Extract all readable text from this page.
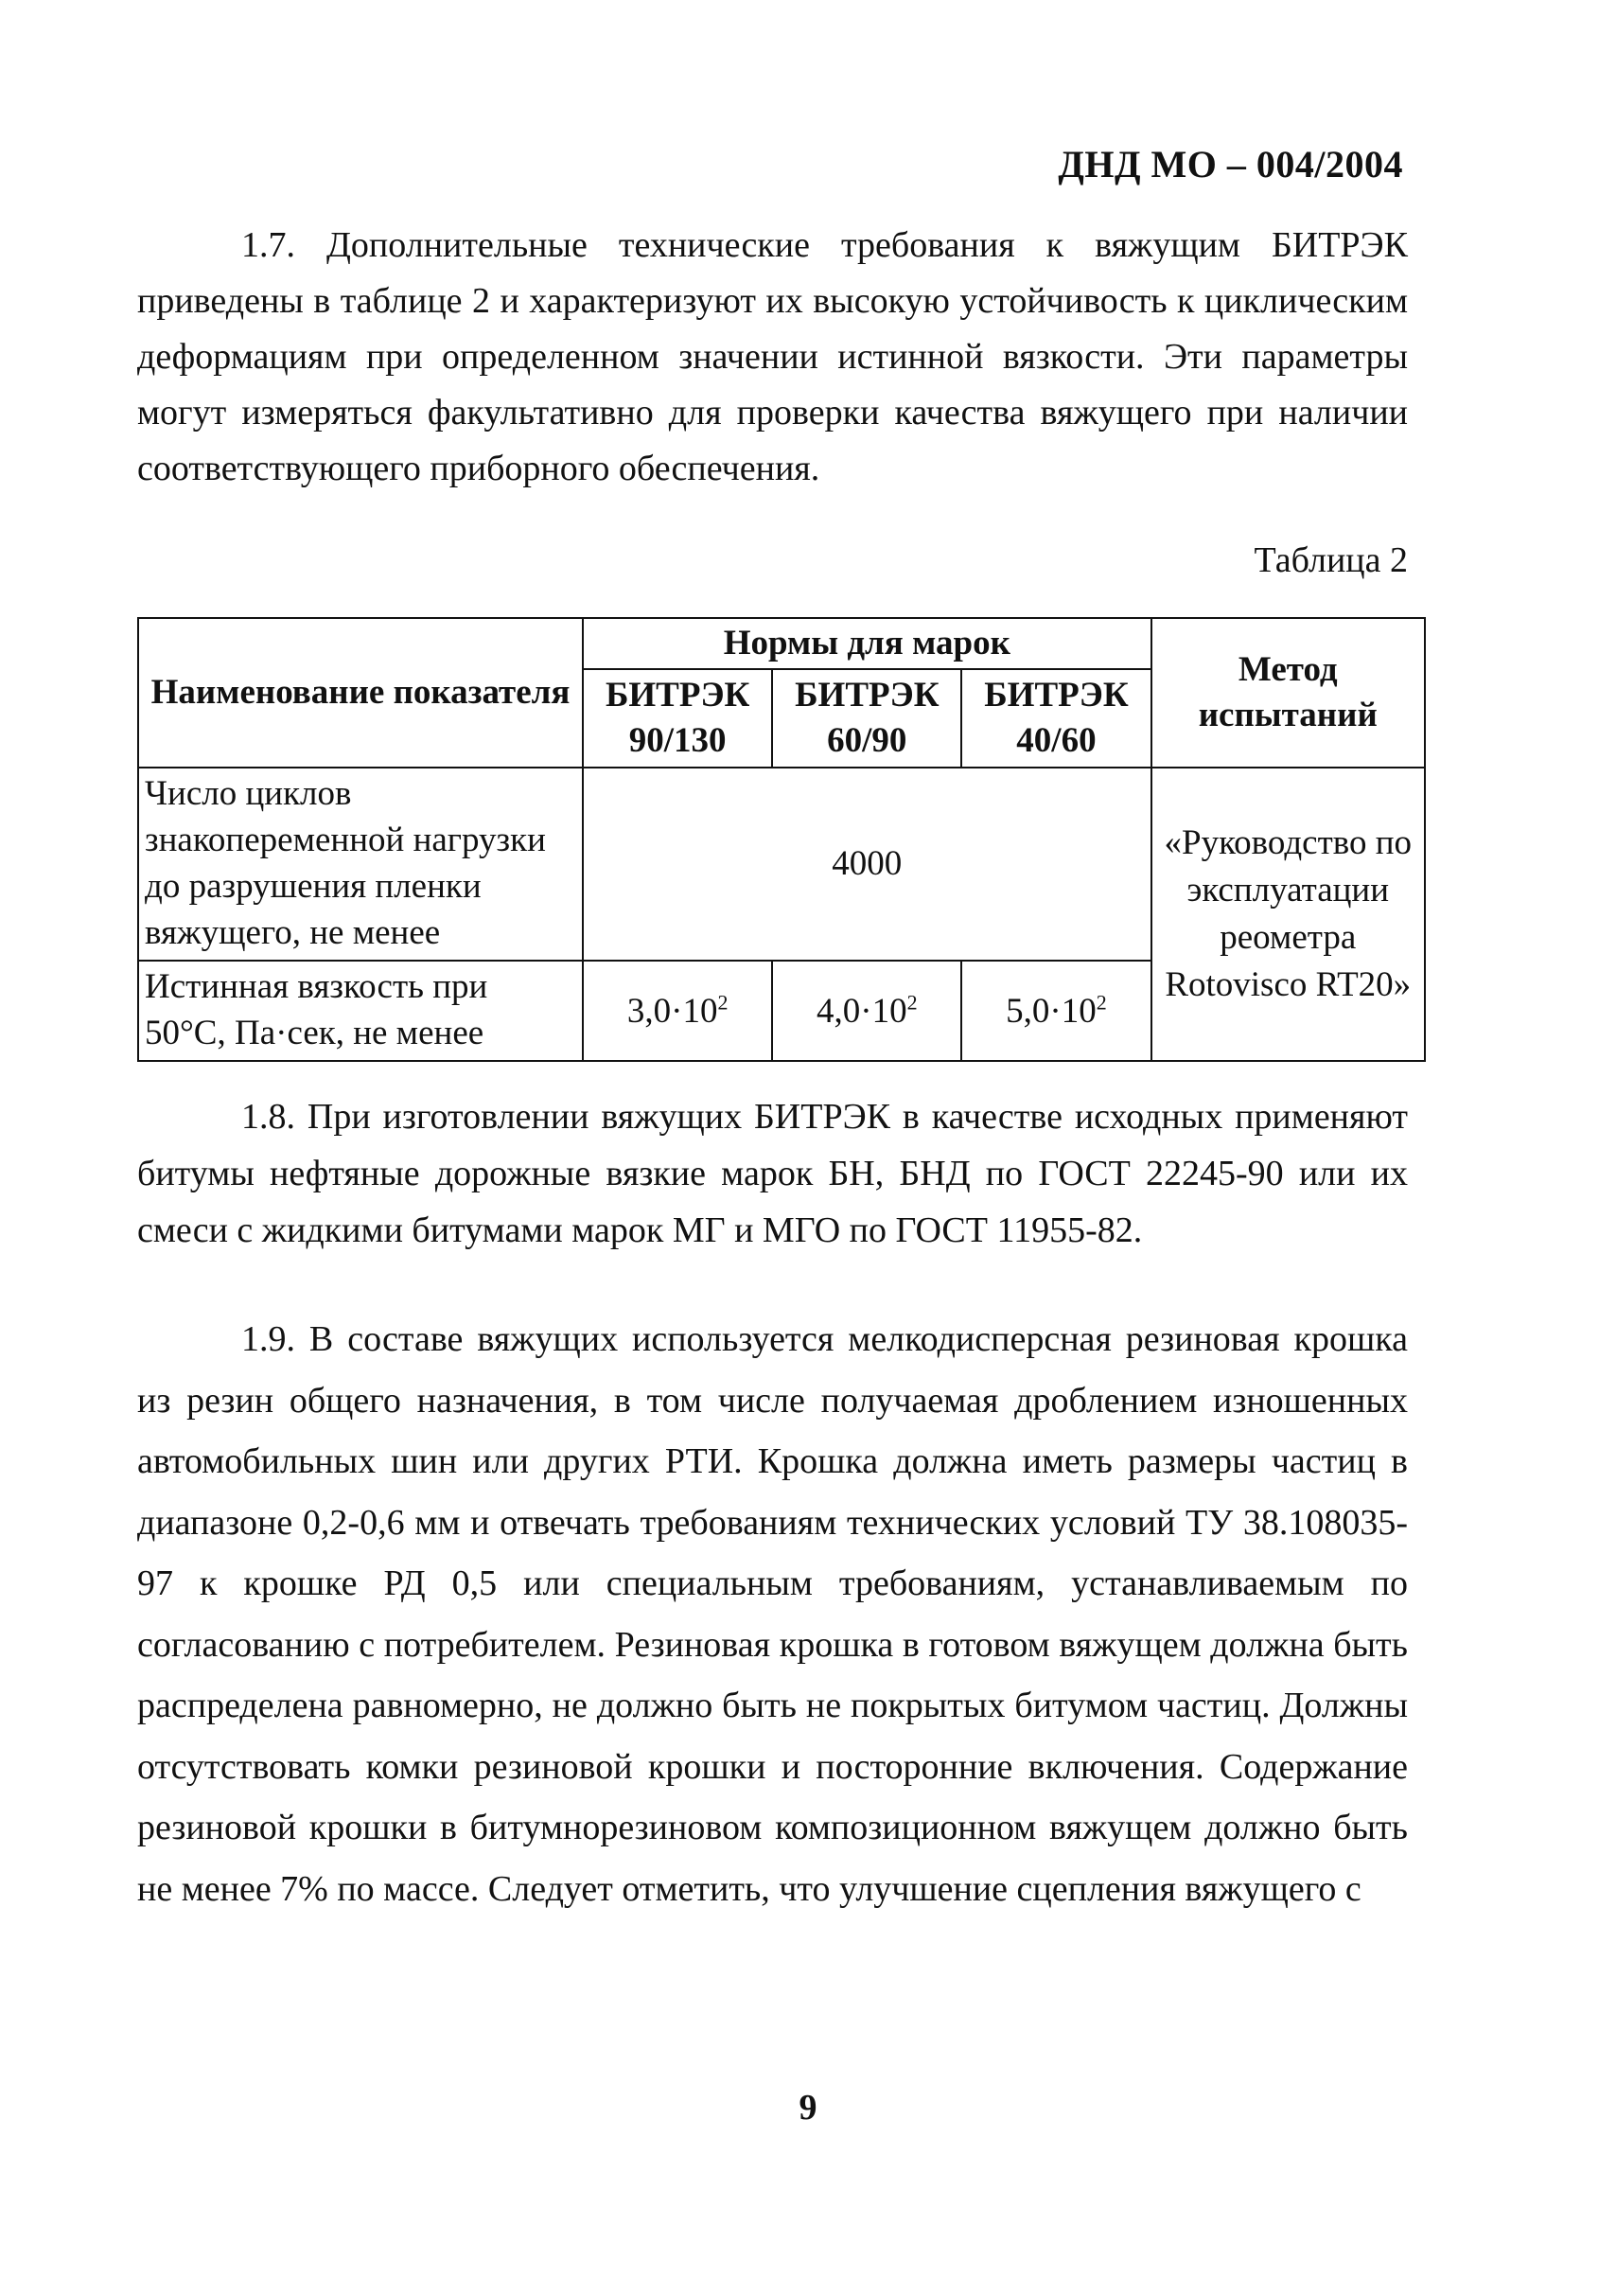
ДНД МО – 004/2004

1.7. Дополнительные технические требования к вяжущим БИТРЭК приведены в таблице 2 и характеризуют их высокую устойчивость к циклическим деформациям при определенном значении истинной вязкости. Эти параметры могут измеряться факультативно для проверки качества вяжущего при наличии соответствующего приборного обеспечения.

Таблица 2
Наименование показателя	Нормы для марок			Метод испытаний
	БИТРЭК 90/130	БИТРЭК 60/90	БИТРЭК 40/60	
Число циклов знакопеременной нагрузки до разрушения пленки вяжущего, не менее	4000			«Руководство по эксплуатации реометра Rotovisco RT20»
Истинная вязкость при 50°С, Па·сек, не менее	$3,0\cdot 10^2$	$4,0\cdot 10^2$	$5,0\cdot 10^2$

1.8. При изготовлении вяжущих БИТРЭК в качестве исходных применяют битумы нефтяные дорожные вязкие марок БН, БНД по ГОСТ 22245-90 или их смеси с жидкими битумами марок МГ и МГО по ГОСТ 11955-82.

1.9. В составе вяжущих используется мелкодисперсная резиновая крошка из резин общего назначения, в том числе получаемая дроблением изношенных автомобильных шин или других РТИ. Крошка должна иметь размеры частиц в диапазоне 0,2-0,6 мм и отвечать требованиям технических условий ТУ 38.108035-97 к крошке РД 0,5 или специальным требованиям, устанавливаемым по согласованию с потребителем. Резиновая крошка в готовом вяжущем должна быть распределена равномерно, не должно быть не покрытых битумом частиц. Должны отсутствовать комки резиновой крошки и посторонние включения. Содержание резиновой крошки в битумнорезиновом композиционном вяжущем должно быть не менее 7% по массе. Следует отметить, что улучшение сцепления вяжущего с

9
